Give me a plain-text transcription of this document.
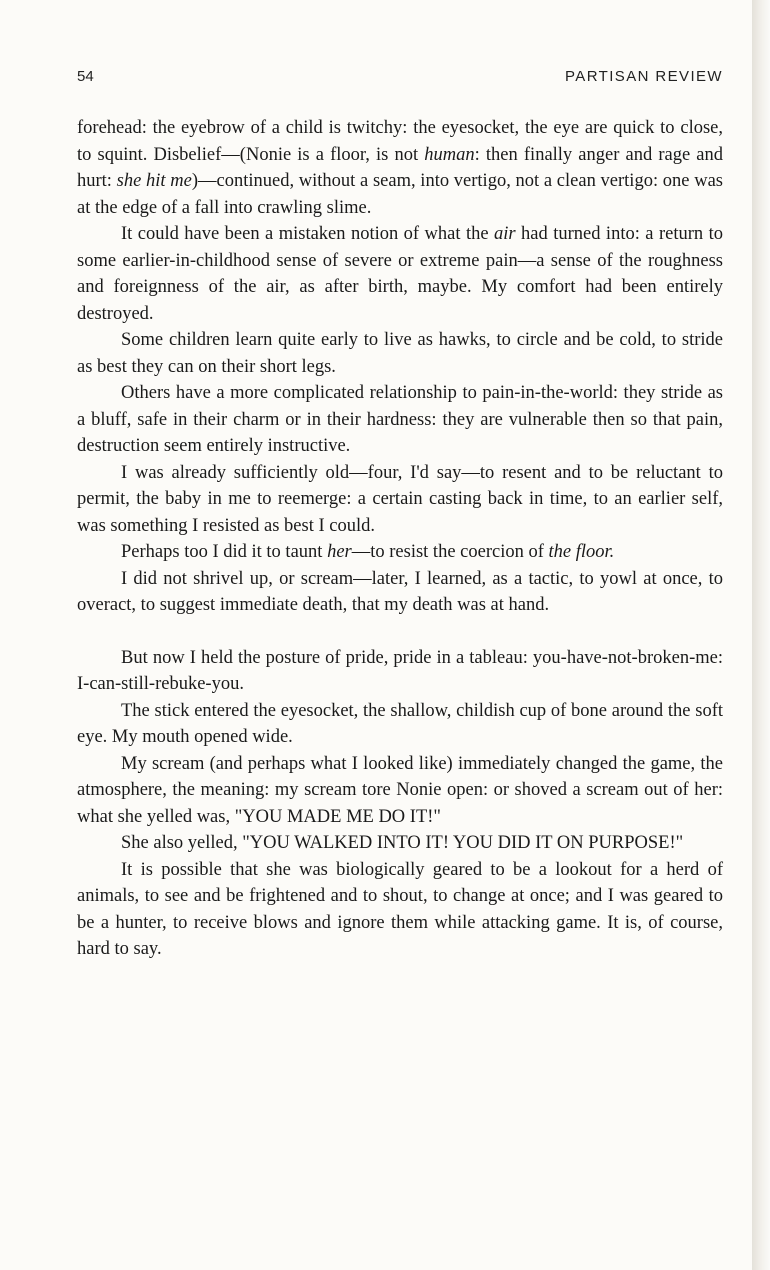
54	PARTISAN REVIEW

forehead: the eyebrow of a child is twitchy: the eyesocket, the eye are quick to close, to squint. Disbelief—(Nonie is a floor, is not human: then finally anger and rage and hurt: she hit me)—continued, without a seam, into vertigo, not a clean vertigo: one was at the edge of a fall into crawling slime.

It could have been a mistaken notion of what the air had turned into: a return to some earlier-in-childhood sense of severe or extreme pain—a sense of the roughness and foreignness of the air, as after birth, maybe. My comfort had been entirely destroyed.

Some children learn quite early to live as hawks, to circle and be cold, to stride as best they can on their short legs.

Others have a more complicated relationship to pain-in-the-world: they stride as a bluff, safe in their charm or in their hardness: they are vulnerable then so that pain, destruction seem entirely instructive.

I was already sufficiently old—four, I'd say—to resent and to be reluctant to permit, the baby in me to reemerge: a certain casting back in time, to an earlier self, was something I resisted as best I could.

Perhaps too I did it to taunt her—to resist the coercion of the floor.

I did not shrivel up, or scream—later, I learned, as a tactic, to yowl at once, to overact, to suggest immediate death, that my death was at hand.

But now I held the posture of pride, pride in a tableau: you-have-not-broken-me: I-can-still-rebuke-you.

The stick entered the eyesocket, the shallow, childish cup of bone around the soft eye. My mouth opened wide.

My scream (and perhaps what I looked like) immediately changed the game, the atmosphere, the meaning: my scream tore Nonie open: or shoved a scream out of her: what she yelled was, "YOU MADE ME DO IT!"

She also yelled, "YOU WALKED INTO IT! YOU DID IT ON PURPOSE!"

It is possible that she was biologically geared to be a lookout for a herd of animals, to see and be frightened and to shout, to change at once; and I was geared to be a hunter, to receive blows and ignore them while attacking game. It is, of course, hard to say.
